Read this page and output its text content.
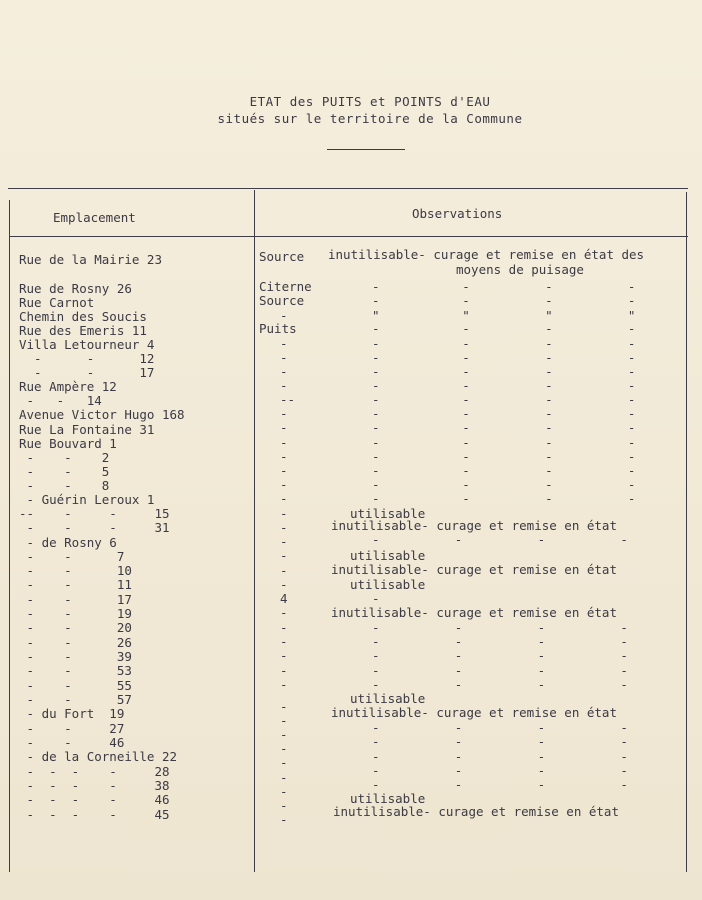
ETAT des PUITS et POINTS d'EAU
situés sur le territoire de la Commune
Emplacement	Observations
Rue de la Mairie 23
Rue de Rosny 26
Rue Carnot
Chemin des Soucis
Rue des Emeris 11
Villa Letourneur 4
-      -      12
-      -      17
Rue Ampère 12
-   -   14
Avenue Victor Hugo 168
Rue La Fontaine 31
Rue Bouvard 1
-    -    2
-    -    5
-    -    8
- Guérin Leroux 1
--    -     -     15
-    -     -     31
- de Rosny 6
-    -      7
-    -      10
-    -      11
-    -      17
-    -      19
-    -      20
-    -      26
-    -      39
-    -      53
-    -      55
-    -      57
- du Fort  19
-    -     27
-    -     46
- de la Corneille 22
-  -  -    -     28
-  -  -    -     38
-  -  -    -     46
-  -  -    -     45
Source
Citerne
Source
-
Puits
-
-
-
-
--
-
-
-
-
-
-
-
-
-
-
-
-
-
4
-
-
-
-
-
-
-
-
-
-
-
-
-
-
-
inutilisable- curage et remise en état des
moyens de puisage
-           -          -          -
-           -          -          -
"           "          "          "
-           -          -          -
-           -          -          -
-           -          -          -
-           -          -          -
-           -          -          -
-           -          -          -
-           -          -          -
-           -          -          -
-           -          -          -
-           -          -          -
-           -          -          -
-           -          -          -
-           -          -          -
utilisable
inutilisable- curage et remise en état
-          -          -          -
utilisable
inutilisable- curage et remise en état
utilisable
-
inutilisable- curage et remise en état
-          -          -          -
-          -          -          -
-          -          -          -
-          -          -          -
-          -          -          -
utilisable
inutilisable- curage et remise en état
-          -          -          -
-          -          -          -
-          -          -          -
-          -          -          -
-          -          -          -
utilisable
inutilisable- curage et remise en état
